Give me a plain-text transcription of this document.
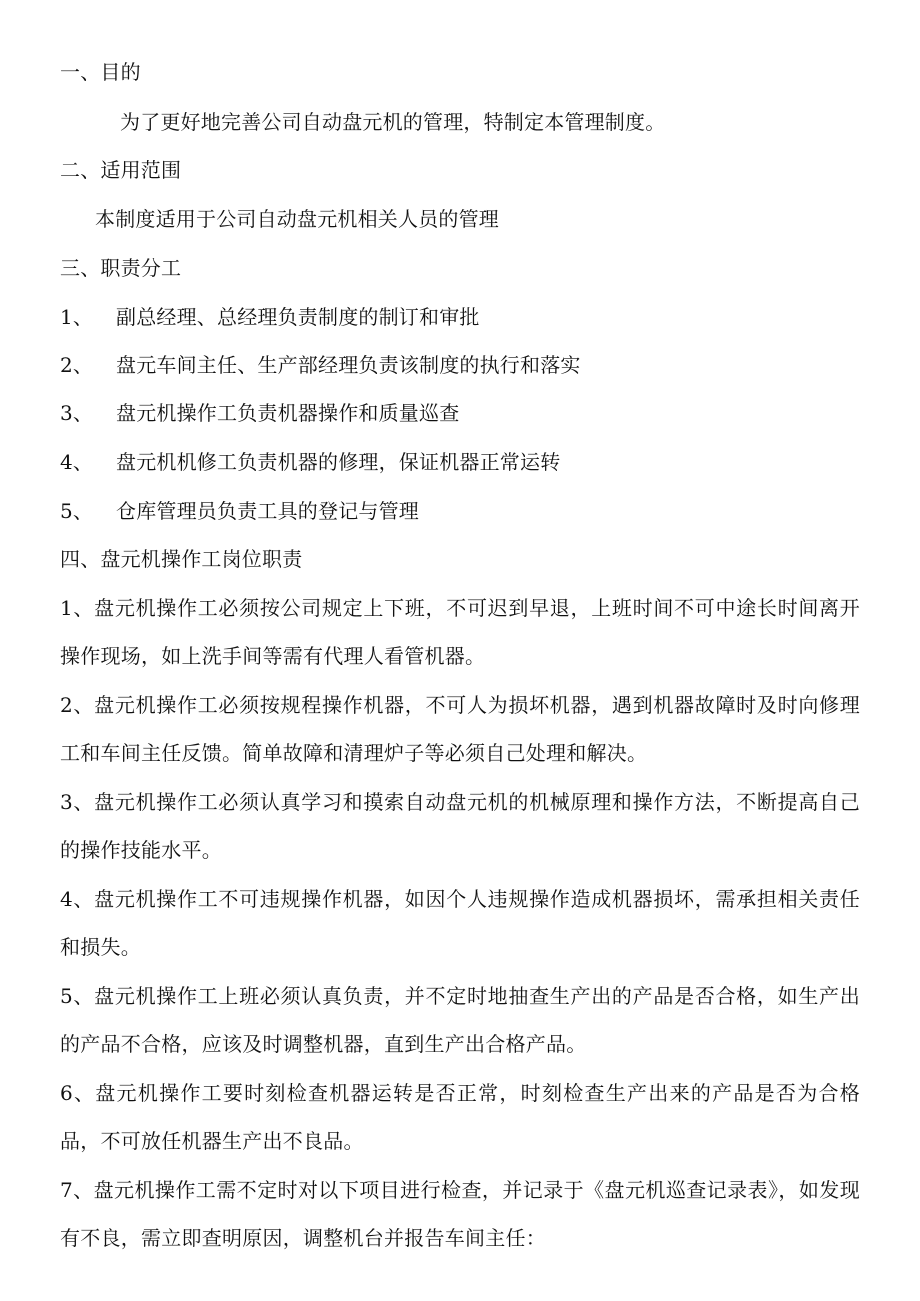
一、目的
为了更好地完善公司自动盘元机的管理，特制定本管理制度。
二、适用范围
本制度适用于公司自动盘元机相关人员的管理
三、职责分工
1、 副总经理、总经理负责制度的制订和审批
2、 盘元车间主任、生产部经理负责该制度的执行和落实
3、 盘元机操作工负责机器操作和质量巡查
4、 盘元机机修工负责机器的修理，保证机器正常运转
5、 仓库管理员负责工具的登记与管理
四、盘元机操作工岗位职责
1、盘元机操作工必须按公司规定上下班，不可迟到早退，上班时间不可中途长时间离开操作现场，如上洗手间等需有代理人看管机器。
2、盘元机操作工必须按规程操作机器，不可人为损坏机器，遇到机器故障时及时向修理工和车间主任反馈。简单故障和清理炉子等必须自己处理和解决。
3、盘元机操作工必须认真学习和摸索自动盘元机的机械原理和操作方法，不断提高自己的操作技能水平。
4、盘元机操作工不可违规操作机器，如因个人违规操作造成机器损坏，需承担相关责任和损失。
5、盘元机操作工上班必须认真负责，并不定时地抽查生产出的产品是否合格，如生产出的产品不合格，应该及时调整机器，直到生产出合格产品。
6、盘元机操作工要时刻检查机器运转是否正常，时刻检查生产出来的产品是否为合格品，不可放任机器生产出不良品。
7、盘元机操作工需不定时对以下项目进行检查，并记录于《盘元机巡查记录表》，如发现有不良，需立即查明原因，调整机台并报告车间主任：
